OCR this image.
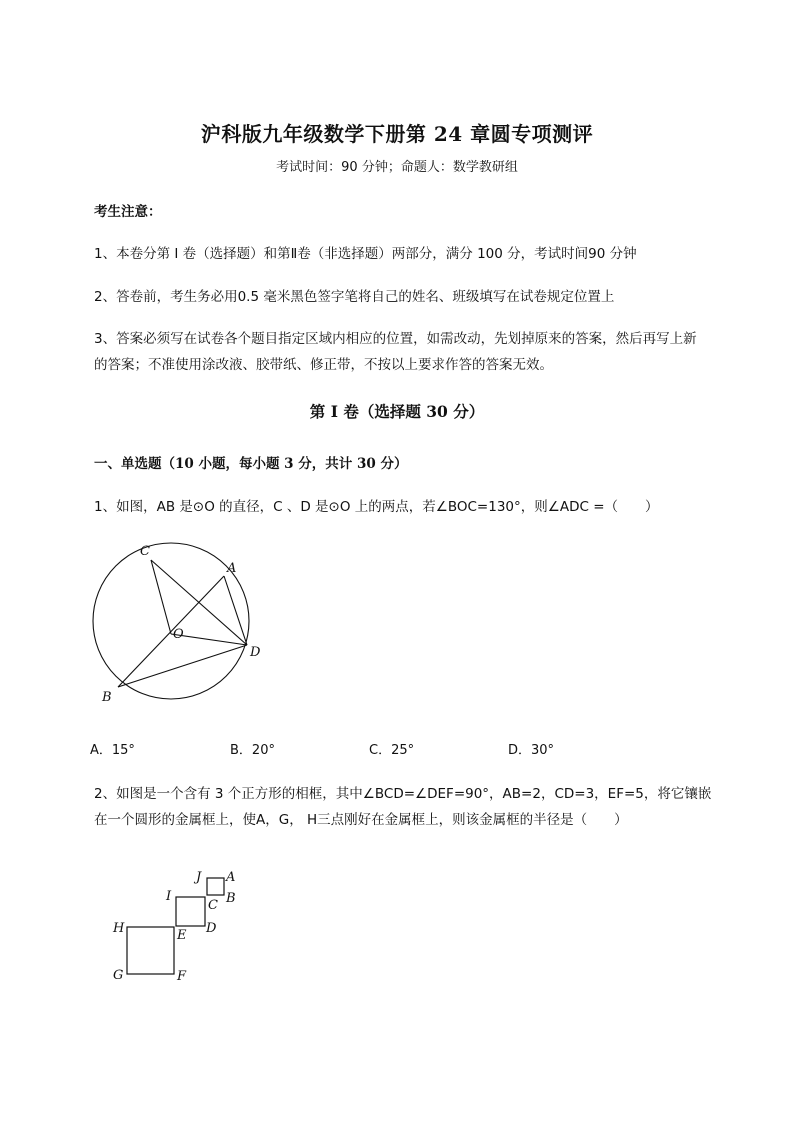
沪科版九年级数学下册第 24 章圆专项测评
考试时间：90 分钟；命题人：数学教研组
考生注意：
1、本卷分第 I 卷（选择题）和第Ⅱ卷（非选择题）两部分，满分 100 分，考试时间90 分钟
2、答卷前，考生务必用0.5 毫米黑色签字笔将自己的姓名、班级填写在试卷规定位置上
3、答案必须写在试卷各个题目指定区域内相应的位置，如需改动，先划掉原来的答案，然后再写上新
的答案；不准使用涂改液、胶带纸、修正带，不按以上要求作答的答案无效。
第 I 卷（选择题 30 分）
一、单选题（10 小题，每小题 3 分，共计 30 分）
1、如图，AB 是⊙O 的直径，C 、D 是⊙O 上的两点，若∠BOC=130°，则∠ADC =（　　）
C
A
O
D
B
A．15°	B．20°	C．25°	D．30°
2、如图是一个含有 3 个正方形的相框，其中∠BCD=∠DEF=90°，AB=2，CD=3，EF=5，将它镶嵌
在一个圆形的金属框上，使A，G， H三点刚好在金属框上，则该金属框的半径是（　　）
J A
I
C B
H	E D
G	F
